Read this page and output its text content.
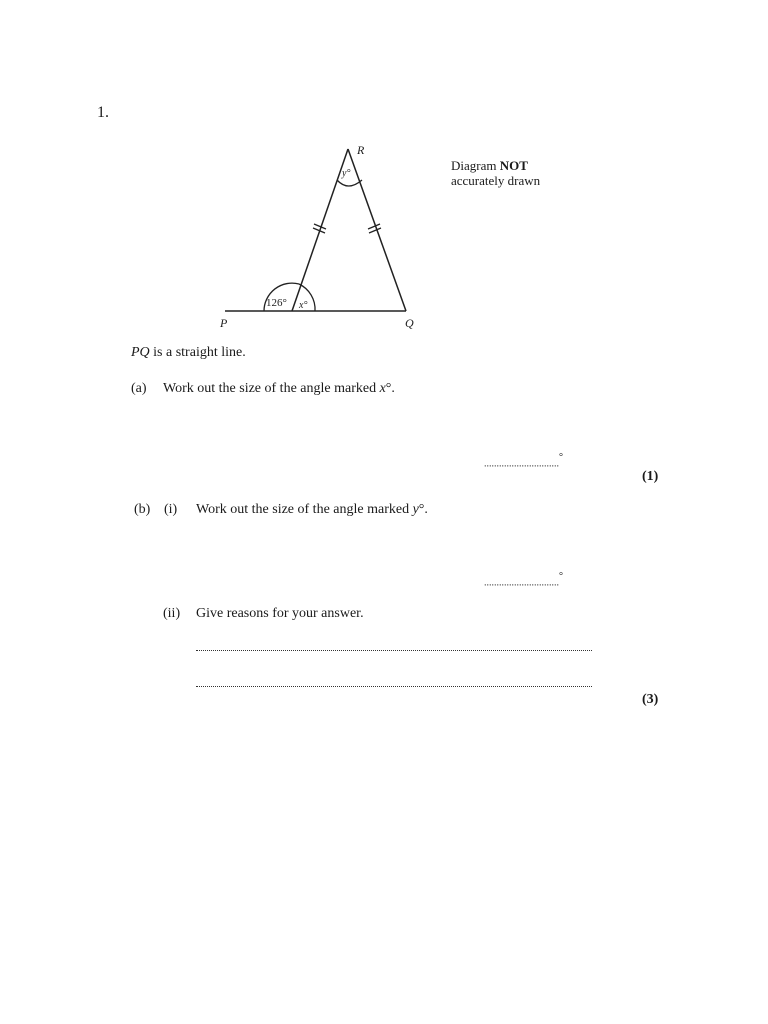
1.
R
y°
126° x°
P	Q
Diagram NOT
accurately drawn
PQ is a straight line.
(a) Work out the size of the angle marked x°.
..............................°
(1)
(b) (i) Work out the size of the angle marked y°.
..............................°
(ii) Give reasons for your answer.
(3)
